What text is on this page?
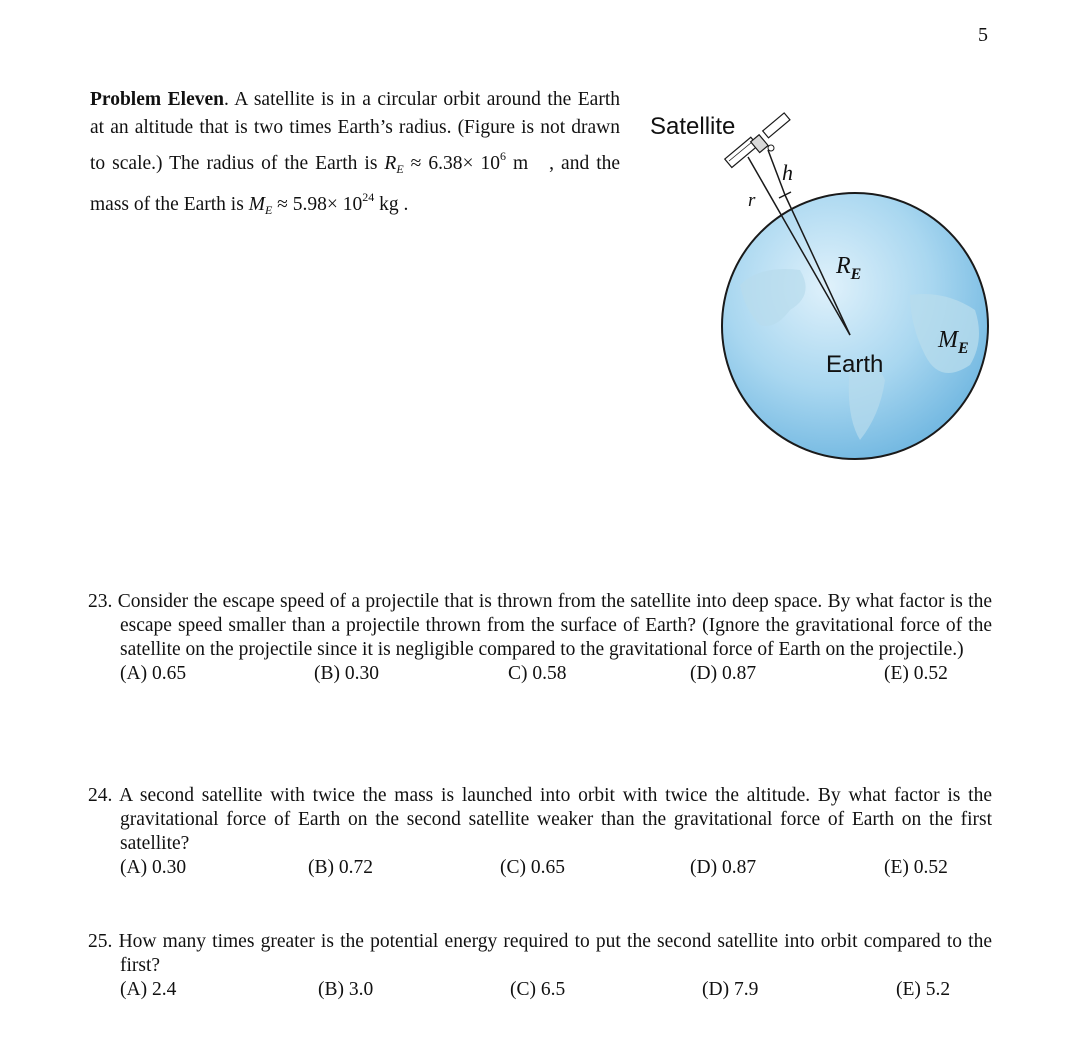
5
Problem Eleven. A satellite is in a circular orbit around the Earth at an altitude that is two times Earth’s radius. (Figure is not drawn to scale.) The radius of the Earth is $R_E \approx 6.38\times 10^6$ m , and the mass of the Earth is $M_E \approx 5.98\times 10^{24}$ kg .
Satellite
h
r
$R_E$
Earth
$M_E$
23. Consider the escape speed of a projectile that is thrown from the satellite into deep space. By what factor is the escape speed smaller than a projectile thrown from the surface of Earth? (Ignore the gravitational force of the satellite on the projectile since it is negligible compared to the gravitational force of Earth on the projectile.)
(A) 0.65	(B) 0.30	C) 0.58	(D) 0.87	(E) 0.52
24. A second satellite with twice the mass is launched into orbit with twice the altitude. By what factor is the gravitational force of Earth on the second satellite weaker than the gravitational force of Earth on the first satellite?
(A) 0.30	(B) 0.72	(C) 0.65	(D) 0.87	(E) 0.52
25. How many times greater is the potential energy required to put the second satellite into orbit compared to the first?
(A) 2.4	(B) 3.0	(C) 6.5	(D) 7.9	(E) 5.2
